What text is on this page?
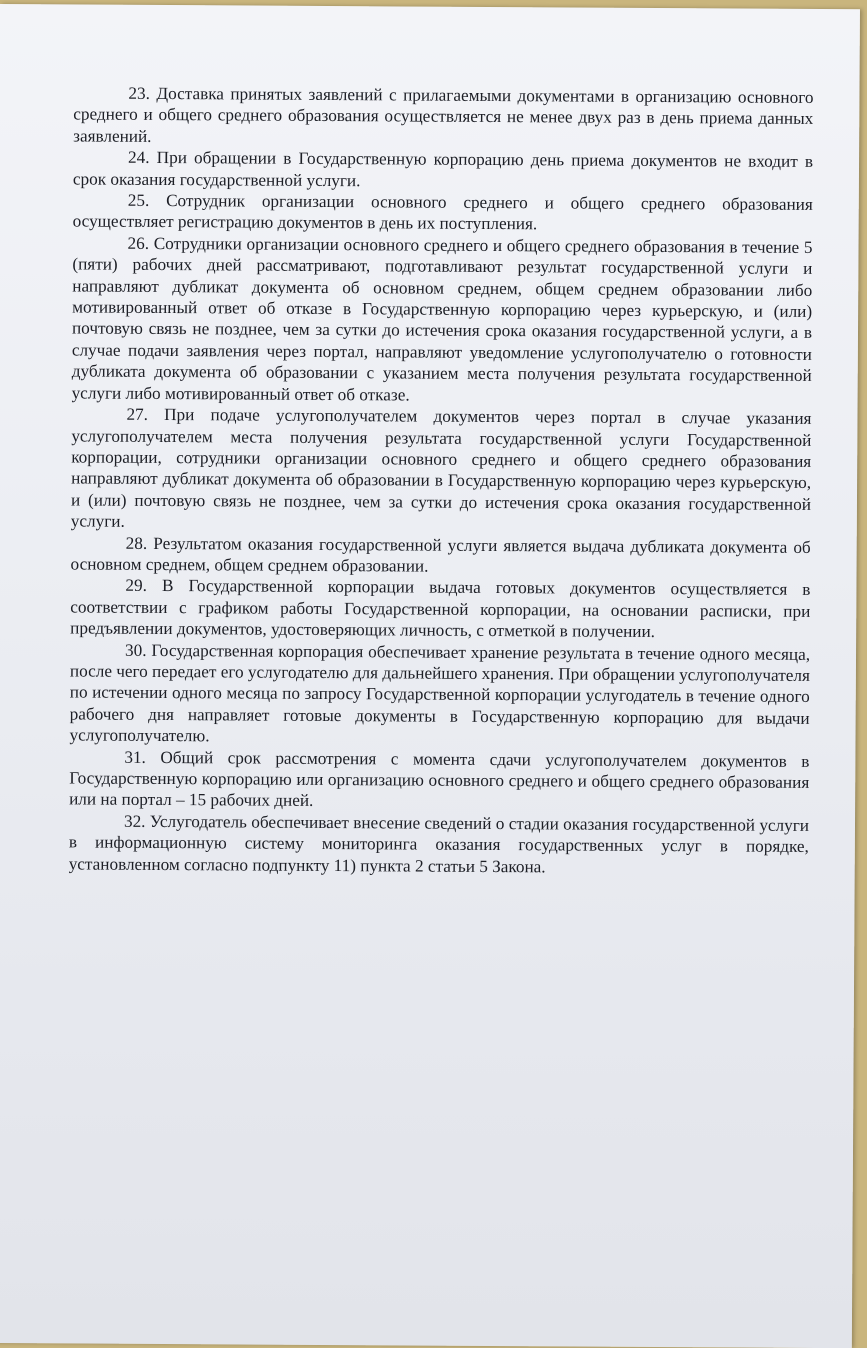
23. Доставка принятых заявлений с прилагаемыми документами в организацию основного среднего и общего среднего образования осуществляется не менее двух раз в день приема данных заявлений.

24. При обращении в Государственную корпорацию день приема документов не входит в срок оказания государственной услуги.

25. Сотрудник организации основного среднего и общего среднего образования осуществляет регистрацию документов в день их поступления.

26. Сотрудники организации основного среднего и общего среднего образования в течение 5 (пяти) рабочих дней рассматривают, подготавливают результат государственной услуги и направляют дубликат документа об основном среднем, общем среднем образовании либо мотивированный ответ об отказе в Государственную корпорацию через курьерскую, и (или) почтовую связь не позднее, чем за сутки до истечения срока оказания государственной услуги, а в случае подачи заявления через портал, направляют уведомление услугополучателю о готовности дубликата документа об образовании с указанием места получения результата государственной услуги либо мотивированный ответ об отказе.

27. При подаче услугополучателем документов через портал в случае указания услугополучателем места получения результата государственной услуги Государственной корпорации, сотрудники организации основного среднего и общего среднего образования направляют дубликат документа об образовании в Государственную корпорацию через курьерскую, и (или) почтовую связь не позднее, чем за сутки до истечения срока оказания государственной услуги.

28. Результатом оказания государственной услуги является выдача дубликата документа об основном среднем, общем среднем образовании.

29. В Государственной корпорации выдача готовых документов осуществляется в соответствии с графиком работы Государственной корпорации, на основании расписки, при предъявлении документов, удостоверяющих личность, с отметкой в получении.

30. Государственная корпорация обеспечивает хранение результата в течение одного месяца, после чего передает его услугодателю для дальнейшего хранения. При обращении услугополучателя по истечении одного месяца по запросу Государственной корпорации услугодатель в течение одного рабочего дня направляет готовые документы в Государственную корпорацию для выдачи услугополучателю.

31. Общий срок рассмотрения с момента сдачи услугополучателем документов в Государственную корпорацию или организацию основного среднего и общего среднего образования или на портал – 15 рабочих дней.

32. Услугодатель обеспечивает внесение сведений о стадии оказания государственной услуги в информационную систему мониторинга оказания государственных услуг в порядке, установленном согласно подпункту 11) пункта 2 статьи 5 Закона.
